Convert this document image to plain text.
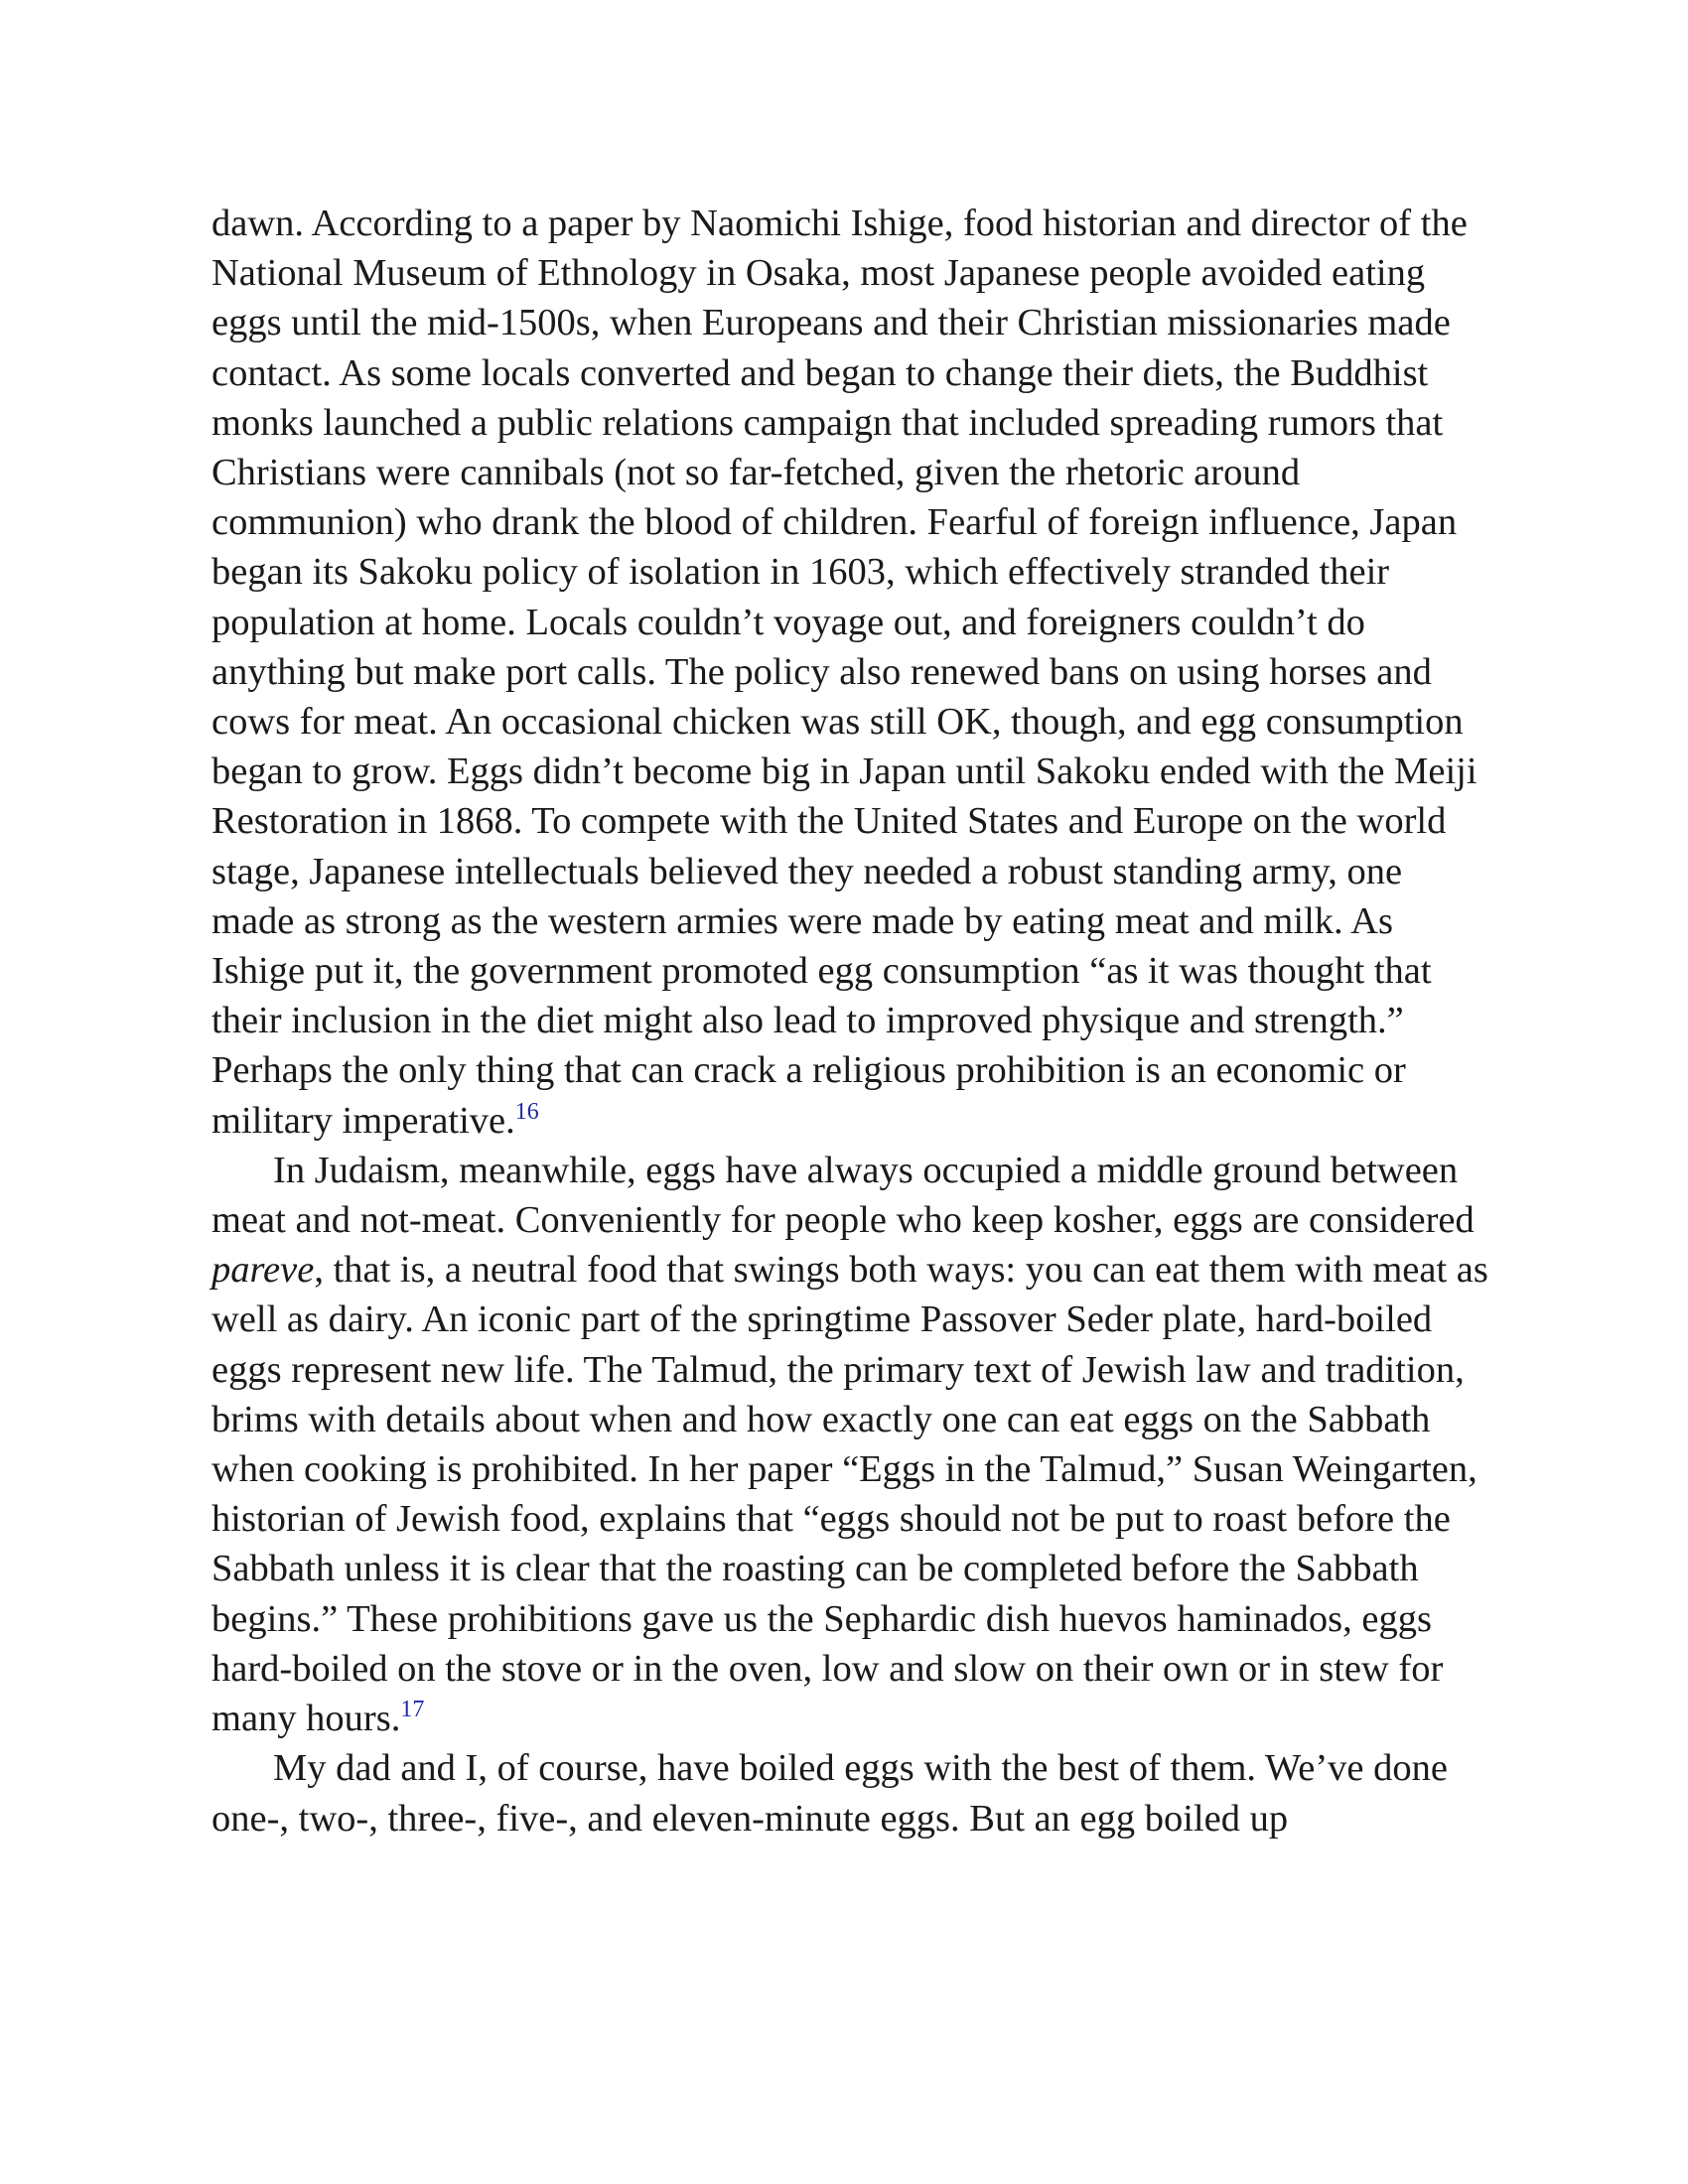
dawn. According to a paper by Naomichi Ishige, food historian and director of the National Museum of Ethnology in Osaka, most Japanese people avoided eating eggs until the mid-1500s, when Europeans and their Christian missionaries made contact. As some locals converted and began to change their diets, the Buddhist monks launched a public relations campaign that included spreading rumors that Christians were cannibals (not so far-fetched, given the rhetoric around communion) who drank the blood of children. Fearful of foreign influence, Japan began its Sakoku policy of isolation in 1603, which effectively stranded their population at home. Locals couldn’t voyage out, and foreigners couldn’t do anything but make port calls. The policy also renewed bans on using horses and cows for meat. An occasional chicken was still OK, though, and egg consumption began to grow. Eggs didn’t become big in Japan until Sakoku ended with the Meiji Restoration in 1868. To compete with the United States and Europe on the world stage, Japanese intellectuals believed they needed a robust standing army, one made as strong as the western armies were made by eating meat and milk. As Ishige put it, the government promoted egg consumption “as it was thought that their inclusion in the diet might also lead to improved physique and strength.” Perhaps the only thing that can crack a religious prohibition is an economic or military imperative.$^{16}$

In Judaism, meanwhile, eggs have always occupied a middle ground between meat and not-meat. Conveniently for people who keep kosher, eggs are considered pareve, that is, a neutral food that swings both ways: you can eat them with meat as well as dairy. An iconic part of the springtime Passover Seder plate, hard-boiled eggs represent new life. The Talmud, the primary text of Jewish law and tradition, brims with details about when and how exactly one can eat eggs on the Sabbath when cooking is prohibited. In her paper “Eggs in the Talmud,” Susan Weingarten, historian of Jewish food, explains that “eggs should not be put to roast before the Sabbath unless it is clear that the roasting can be completed before the Sabbath begins.” These prohibitions gave us the Sephardic dish huevos haminados, eggs hard-boiled on the stove or in the oven, low and slow on their own or in stew for many hours.$^{17}$

My dad and I, of course, have boiled eggs with the best of them. We’ve done one-, two-, three-, five-, and eleven-minute eggs. But an egg boiled up
